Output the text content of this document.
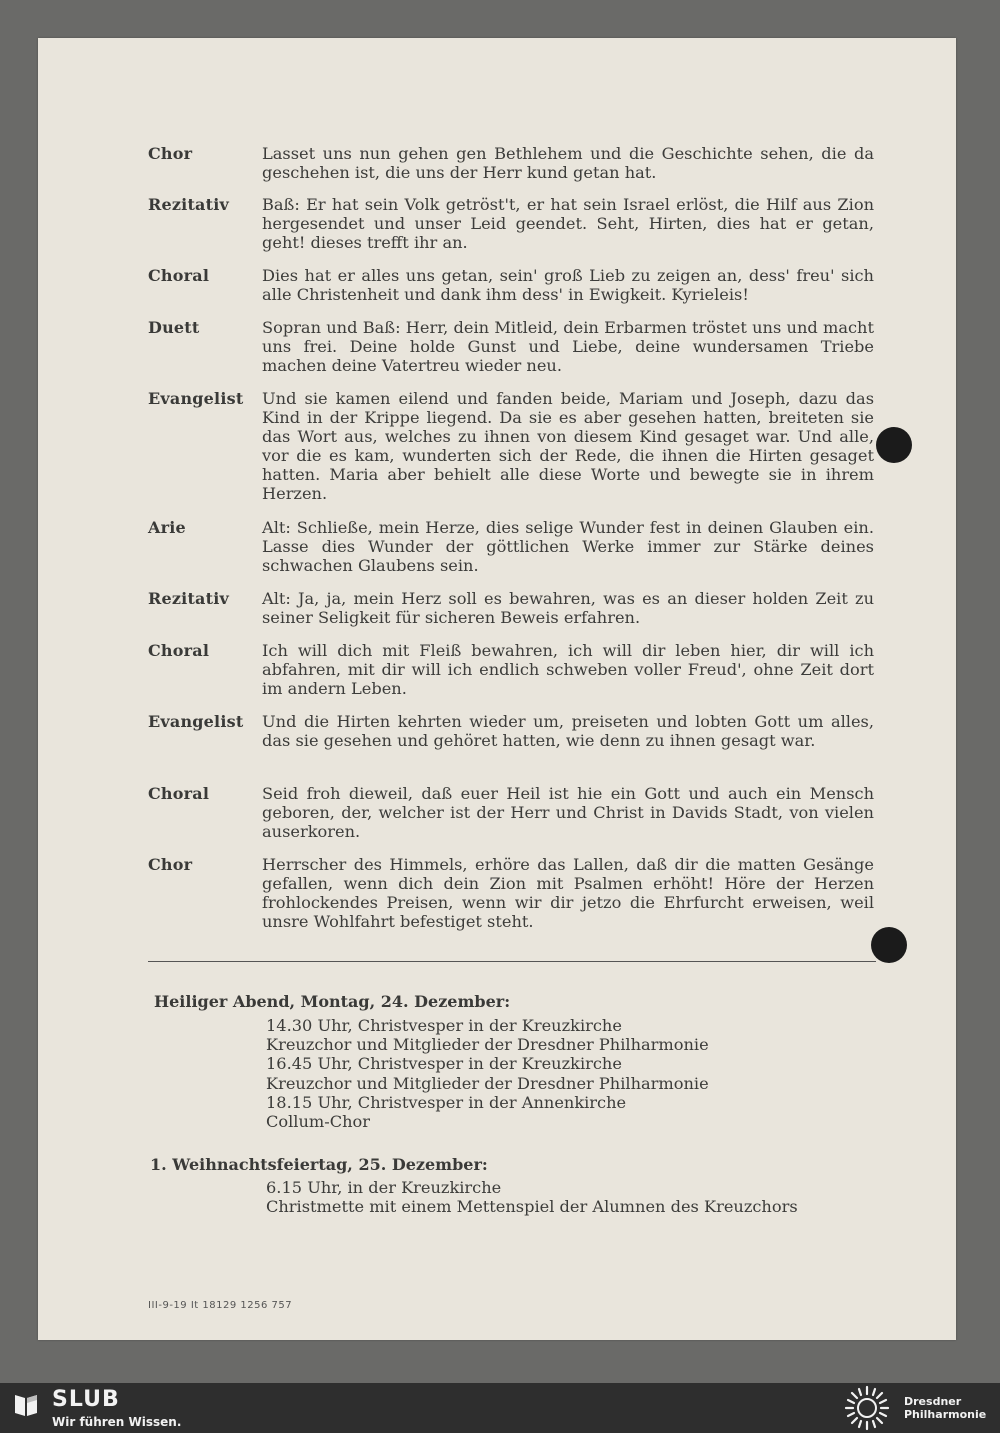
Chor	Lasset uns nun gehen gen Bethlehem und die Geschichte sehen, die da geschehen ist, die uns der Herr kund getan hat.
Rezitativ	Baß: Er hat sein Volk getröst't, er hat sein Israel erlöst, die Hilf aus Zion hergesendet und unser Leid geendet. Seht, Hirten, dies hat er getan, geht! dieses trefft ihr an.
Choral	Dies hat er alles uns getan, sein' groß Lieb zu zeigen an, dess' freu' sich alle Christenheit und dank ihm dess' in Ewigkeit. Kyrieleis!
Duett	Sopran und Baß: Herr, dein Mitleid, dein Erbarmen tröstet uns und macht uns frei. Deine holde Gunst und Liebe, deine wundersamen Triebe machen deine Vatertreu wieder neu.
Evangelist	Und sie kamen eilend und fanden beide, Mariam und Joseph, dazu das Kind in der Krippe liegend. Da sie es aber gesehen hatten, breiteten sie das Wort aus, welches zu ihnen von diesem Kind gesaget war. Und alle, vor die es kam, wunderten sich der Rede, die ihnen die Hirten gesaget hatten. Maria aber behielt alle diese Worte und bewegte sie in ihrem Herzen.
Arie	Alt: Schließe, mein Herze, dies selige Wunder fest in deinen Glauben ein. Lasse dies Wunder der göttlichen Werke immer zur Stärke deines schwachen Glaubens sein.
Rezitativ	Alt: Ja, ja, mein Herz soll es bewahren, was es an dieser holden Zeit zu seiner Seligkeit für sicheren Beweis erfahren.
Choral	Ich will dich mit Fleiß bewahren, ich will dir leben hier, dir will ich abfahren, mit dir will ich endlich schweben voller Freud', ohne Zeit dort im andern Leben.
Evangelist	Und die Hirten kehrten wieder um, preiseten und lobten Gott um alles, das sie gesehen und gehöret hatten, wie denn zu ihnen gesagt war.
Choral	Seid froh dieweil, daß euer Heil ist hie ein Gott und auch ein Mensch geboren, der, welcher ist der Herr und Christ in Davids Stadt, von vielen auserkoren.
Chor	Herrscher des Himmels, erhöre das Lallen, daß dir die matten Gesänge gefallen, wenn dich dein Zion mit Psalmen erhöht! Höre der Herzen frohlockendes Preisen, wenn wir dir jetzo die Ehrfurcht erweisen, weil unsre Wohlfahrt befestiget steht.
Heiliger Abend, Montag, 24. Dezember:
14.30 Uhr, Christvesper in der Kreuzkirche
Kreuzchor und Mitglieder der Dresdner Philharmonie
16.45 Uhr, Christvesper in der Kreuzkirche
Kreuzchor und Mitglieder der Dresdner Philharmonie
18.15 Uhr, Christvesper in der Annenkirche
Collum-Chor
1. Weihnachtsfeiertag, 25. Dezember:
6.15 Uhr, in der Kreuzkirche
Christmette mit einem Mettenspiel der Alumnen des Kreuzchors
III-9-19 It 18129 1256 757
SLUB
Wir führen Wissen.
Dresdner
Philharmonie
